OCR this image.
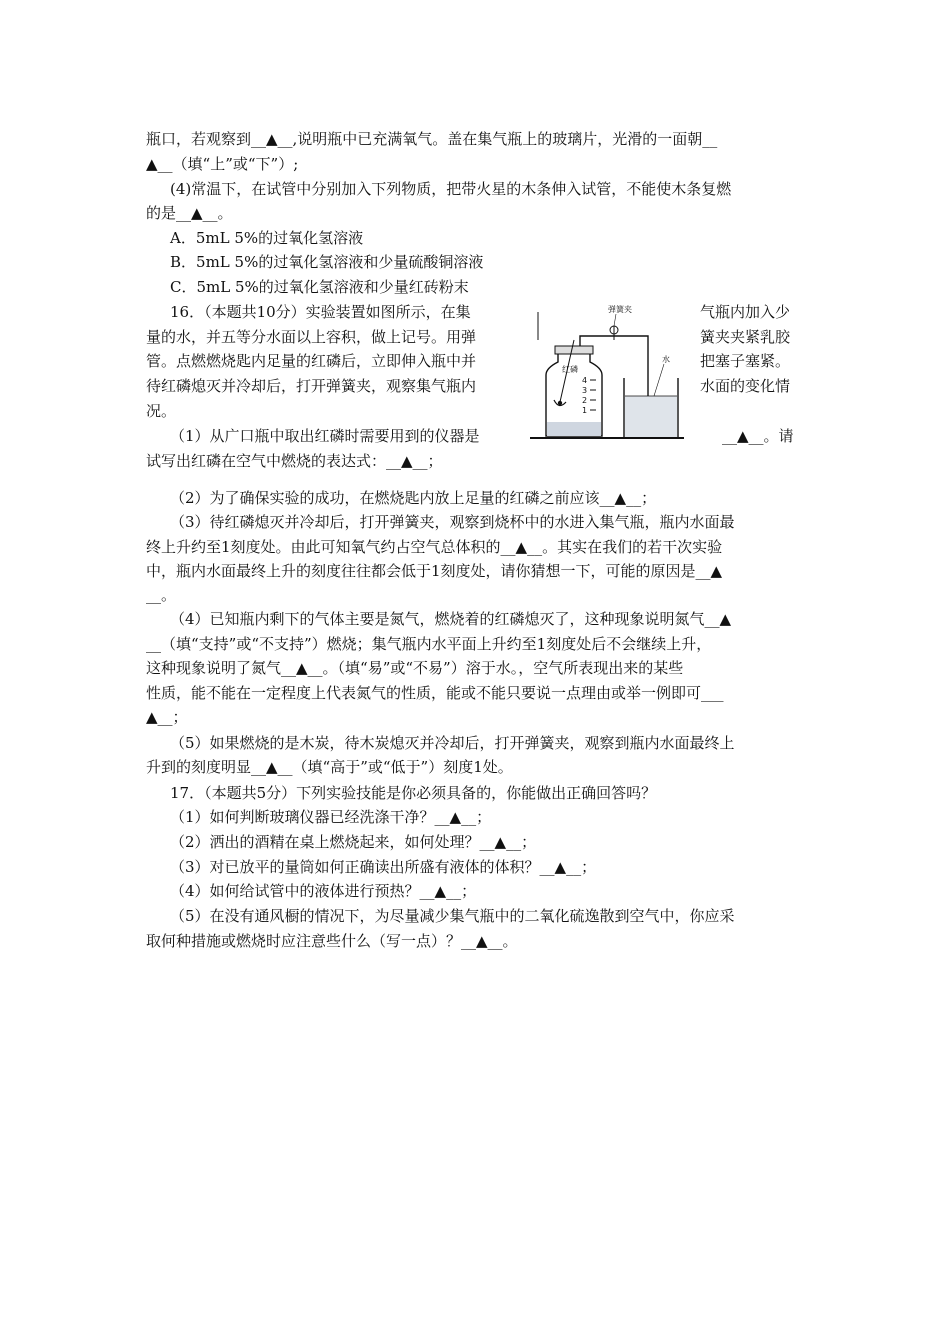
瓶口，若观察到__▲__,说明瓶中已充满氧气。盖在集气瓶上的玻璃片，光滑的一面朝__
▲__（填“上”或“下”）;
(4)常温下，在试管中分别加入下列物质，把带火星的木条伸入试管，不能使木条复燃
的是__▲__。
A．5mL 5%的过氧化氢溶液
B．5mL 5%的过氧化氢溶液和少量硫酸铜溶液
C．5mL 5%的过氧化氢溶液和少量红砖粉末
16．（本题共10分）实验装置如图所示，在集	气瓶内加入少
量的水，并五等分水面以上容积，做上记号。用弹	簧夹夹紧乳胶
管。点燃燃烧匙内足量的红磷后，立即伸入瓶中并	把塞子塞紧。
待红磷熄灭并冷却后，打开弹簧夹，观察集气瓶内	水面的变化情
况。
（1）从广口瓶中取出红磷时需要用到的仪器是	__▲__。请
试写出红磷在空气中燃烧的表达式：__▲__；
（2）为了确保实验的成功，在燃烧匙内放上足量的红磷之前应该__▲__；
（3）待红磷熄灭并冷却后，打开弹簧夹，观察到烧杯中的水进入集气瓶，瓶内水面最
终上升约至1刻度处。由此可知氧气约占空气总体积的__▲__。其实在我们的若干次实验
中，瓶内水面最终上升的刻度往往都会低于1刻度处，请你猜想一下，可能的原因是__▲
__。
（4）已知瓶内剩下的气体主要是氮气，燃烧着的红磷熄灭了，这种现象说明氮气__▲
__（填“支持”或“不支持”）燃烧；集气瓶内水平面上升约至1刻度处后不会继续上升，
这种现象说明了氮气__▲__。（填“易”或“不易”）溶于水。，空气所表现出来的某些
性质，能不能在一定程度上代表氮气的性质，能或不能只要说一点理由或举一例即可___
▲__；
（5）如果燃烧的是木炭，待木炭熄灭并冷却后，打开弹簧夹，观察到瓶内水面最终上
升到的刻度明显__▲__（填“高于”或“低于”）刻度1处。
17．（本题共5分）下列实验技能是你必须具备的，你能做出正确回答吗？
（1）如何判断玻璃仪器已经洗涤干净？__▲__；
（2）洒出的酒精在桌上燃烧起来，如何处理？__▲__；
（3）对已放平的量筒如何正确读出所盛有液体的体积？__▲__；
（4）如何给试管中的液体进行预热？__▲__；
（5）在没有通风橱的情况下，为尽量减少集气瓶中的二氧化硫逸散到空气中，你应采
取何种措施或燃烧时应注意些什么（写一点）？__▲__。
1
2
3
4
弹簧夹
红磷
水
